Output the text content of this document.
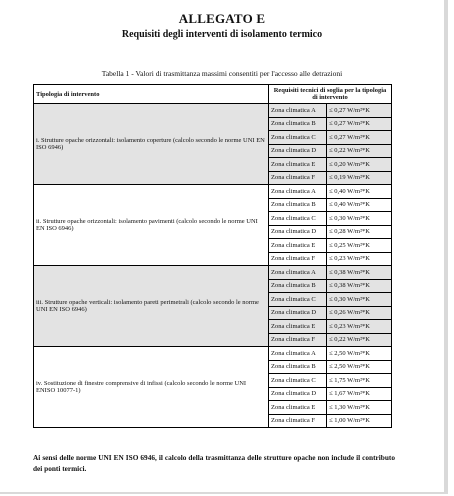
ALLEGATO E
Requisiti degli interventi di isolamento termico
Tabella 1 - Valori di trasmittanza massimi consentiti per l'accesso alle detrazioni
Tipologia di intervento	Requisiti tecnici di soglia per la tipologia di intervento	
i. Strutture opache orizzontali: isolamento coperture (calcolo secondo le norme UNI EN ISO 6946)	Zona climatica A	≤ 0,27 W/m²*K
	Zona climatica B	≤ 0,27 W/m²*K
	Zona climatica C	≤ 0,27 W/m²*K
	Zona climatica D	≤ 0,22 W/m²*K
	Zona climatica E	≤ 0,20 W/m²*K
	Zona climatica F	≤ 0,19 W/m²*K
ii. Strutture opache orizzontali: isolamento pavimenti (calcolo secondo le norme UNI EN ISO 6946)	Zona climatica A	≤ 0,40 W/m²*K
	Zona climatica B	≤ 0,40 W/m²*K
	Zona climatica C	≤ 0,30 W/m²*K
	Zona climatica D	≤ 0,28 W/m²*K
	Zona climatica E	≤ 0,25 W/m²*K
	Zona climatica F	≤ 0,23 W/m²*K
iii. Strutture opache verticali: isolamento pareti perimetrali (calcolo secondo le norme UNI EN ISO 6946)	Zona climatica A	≤ 0,38 W/m²*K
	Zona climatica B	≤ 0,38 W/m²*K
	Zona climatica C	≤ 0,30 W/m²*K
	Zona climatica D	≤ 0,26 W/m²*K
	Zona climatica E	≤ 0,23 W/m²*K
	Zona climatica F	≤ 0,22 W/m²*K
iv. Sostituzione di finestre comprensive di infissi (calcolo secondo le norme UNI ENISO 10077-1)	Zona climatica A	≤ 2,50 W/m²*K
	Zona climatica B	≤ 2,50 W/m²*K
	Zona climatica C	≤ 1,75 W/m²*K
	Zona climatica D	≤ 1,67 W/m²*K
	Zona climatica E	≤ 1,30 W/m²*K
	Zona climatica F	≤ 1,00 W/m²*K
Ai sensi delle norme UNI EN ISO 6946, il calcolo della trasmittanza delle strutture opache non include il contributo dei ponti termici.
